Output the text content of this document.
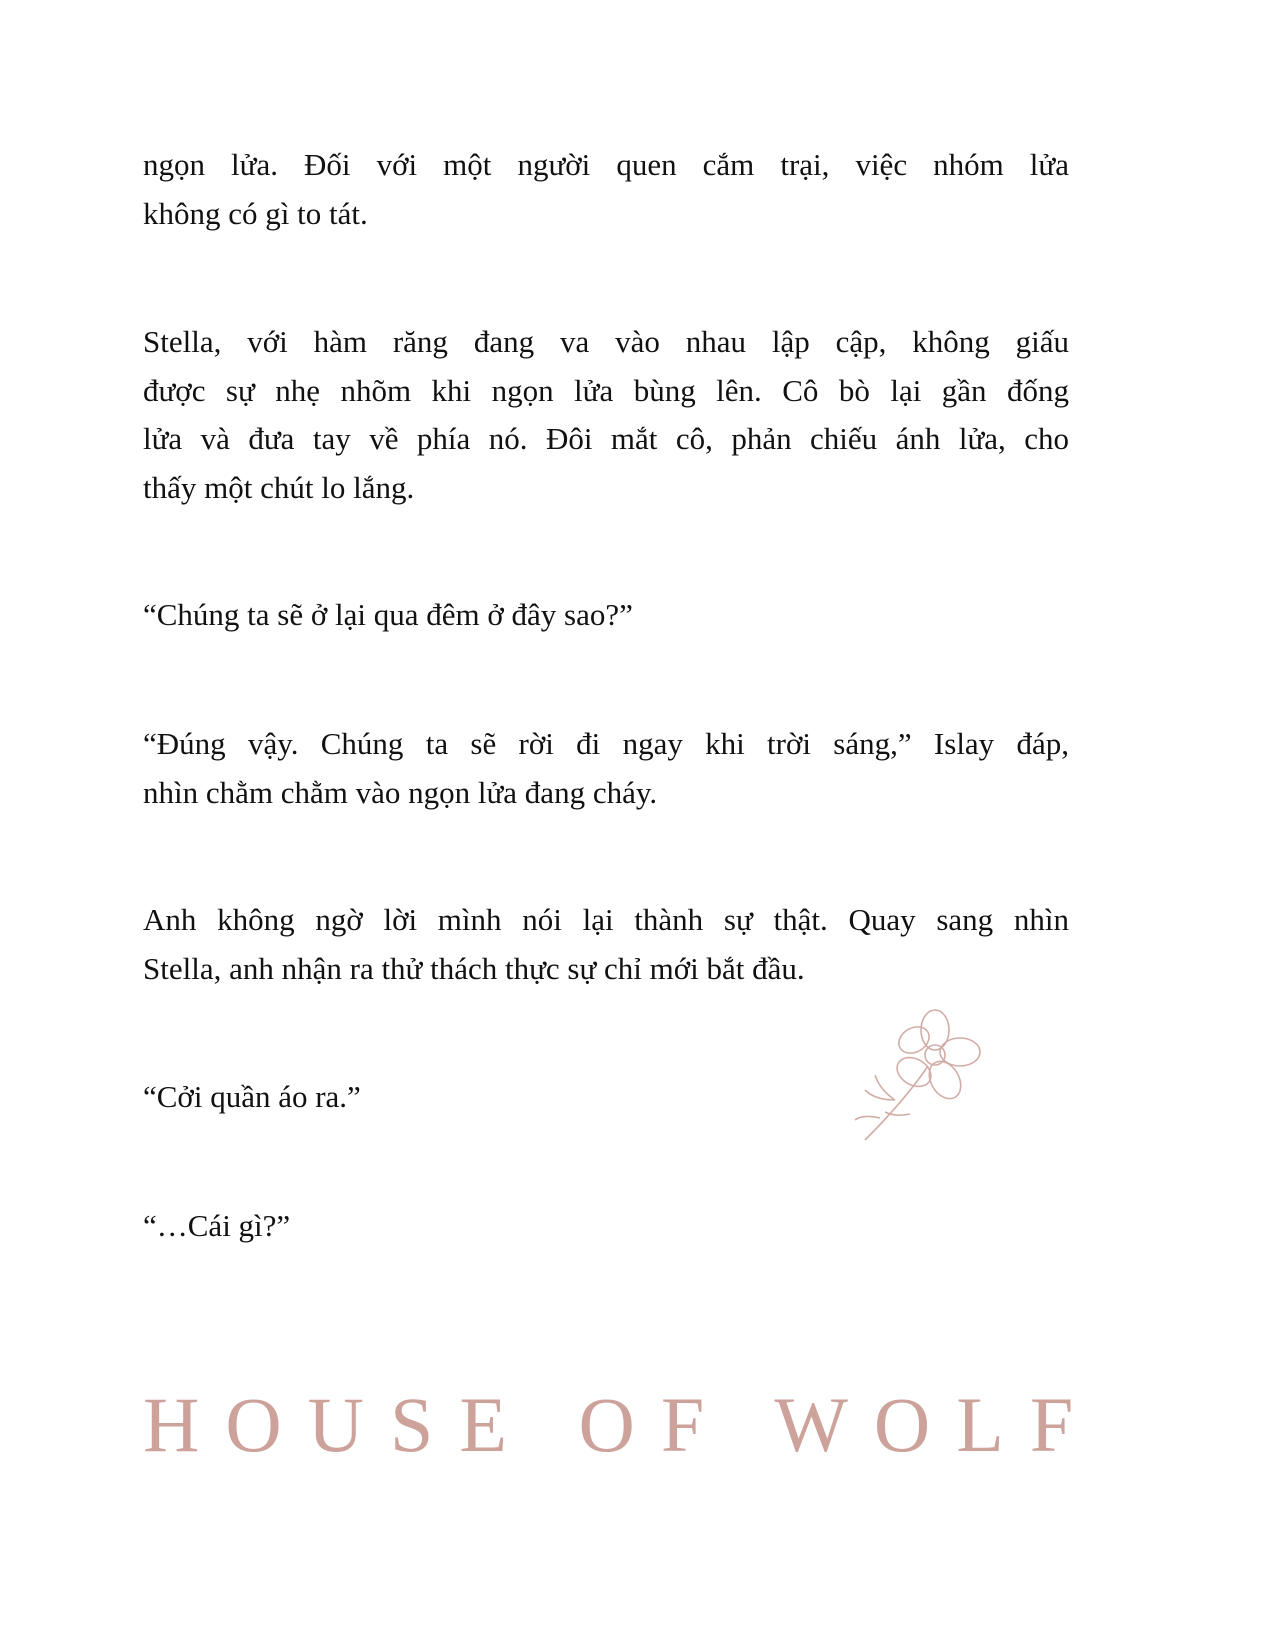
ngọn lửa. Đối với một người quen cắm trại, việc nhóm lửa
không có gì to tát.
Stella, với hàm răng đang va vào nhau lập cập, không giấu
được sự nhẹ nhõm khi ngọn lửa bùng lên. Cô bò lại gần đống
lửa và đưa tay về phía nó. Đôi mắt cô, phản chiếu ánh lửa, cho
thấy một chút lo lắng.
“Chúng ta sẽ ở lại qua đêm ở đây sao?”
“Đúng vậy. Chúng ta sẽ rời đi ngay khi trời sáng,” Islay đáp,
nhìn chằm chằm vào ngọn lửa đang cháy.
Anh không ngờ lời mình nói lại thành sự thật. Quay sang nhìn
Stella, anh nhận ra thử thách thực sự chỉ mới bắt đầu.
“Cởi quần áo ra.”
“…Cái gì?”
HOUSE OF WOLF
